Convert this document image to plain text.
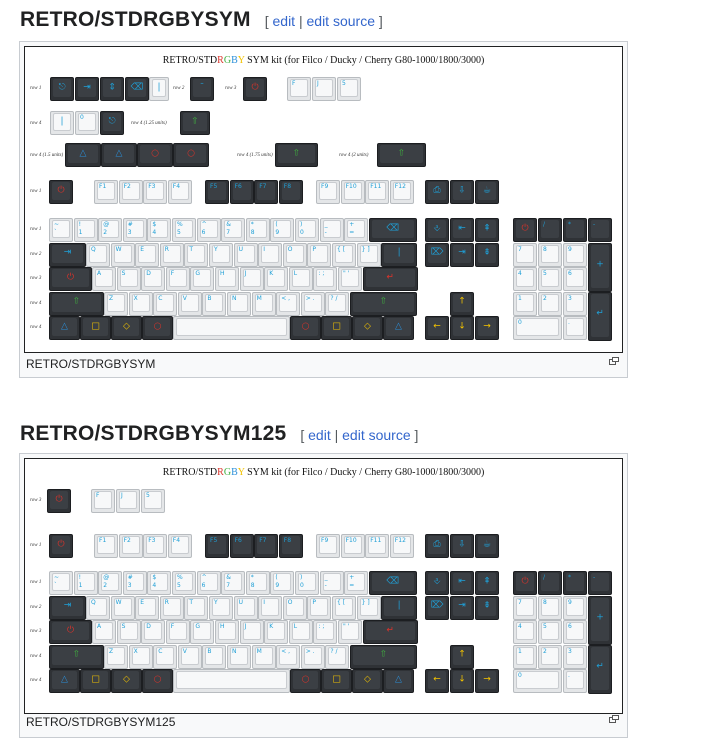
RETRO/STDRGBYSYM [ edit | edit source ]
RETRO/STDRGBY SYM kit (for Filco / Ducky / Cherry G80-1000/1800/3000)
row 1 ⎋ ⇥ ⇕ ⌫ | row 2 ¯	row 3 ⏻	F	J	5
row 4 |	0	⎋	row 4 (1.25 units)	⇧
row 4 (1.5 units) △	△	○	○	row 4 (1.75 units) ⇧	row 4 (2 units)	⇧
row 1 ⏻	F1	F2	F3	F4	F5	F6	F7	F8	F9	F10 F11 F12	⎙ ⇩ ☕
row 1
~
`
!
1
@
2
#
3
$
4
%
5
^
6
&
7
*
8
(
9
)
0
_
-
+
=	⌫
row 2 ⇥	Q	W	E	R	T	Y	U	I	O	P	{ [	} ]	|
row 3	⏻	A	S	D	F	G	H	J	K	L	: ;	" '	↵
row 4	⇧	Z	X	C	V	B	N	M	< ,	> .	? /	⇧
row 4 △	□	◇	○	○	□	◇	△
⎀ ⇤ ⇞
⌦ ⇥ ⇟
↑
← ↓ →
⏻ /	*	-
7	8	9
4	5	6
1	2	3
+
0	.
↵
RETRO/STDRGBYSYM
RETRO/STDRGBYSYM125 [ edit | edit source ]
RETRO/STDRGBY SYM kit (for Filco / Ducky / Cherry G80-1000/1800/3000)
row 3 ⏻	F	J	5
row 1 ⏻	F1	F2	F3	F4	F5	F6	F7	F8	F9	F10 F11 F12	⎙ ⇩ ☕
row 1
~
`
!
1
@
2
#
3
$
4
%
5
^
6
&
7
*
8
(
9
)
0
_
-
+
=	⌫
row 2 ⇥	Q	W	E	R	T	Y	U	I	O	P	{ [	} ]	|
row 3	⏻	A	S	D	F	G	H	J	K	L	: ;	" '	↵
row 4	⇧	Z	X	C	V	B	N	M	< ,	> .	? /	⇧
row 4 △	□	◇	○	○	□	◇	△
⎀ ⇤ ⇞
⌦ ⇥ ⇟
↑
← ↓ →
⏻ /	*	-
7	8	9
4	5	6
1	2	3
+
0	.
↵
RETRO/STDRGBYSYM125
